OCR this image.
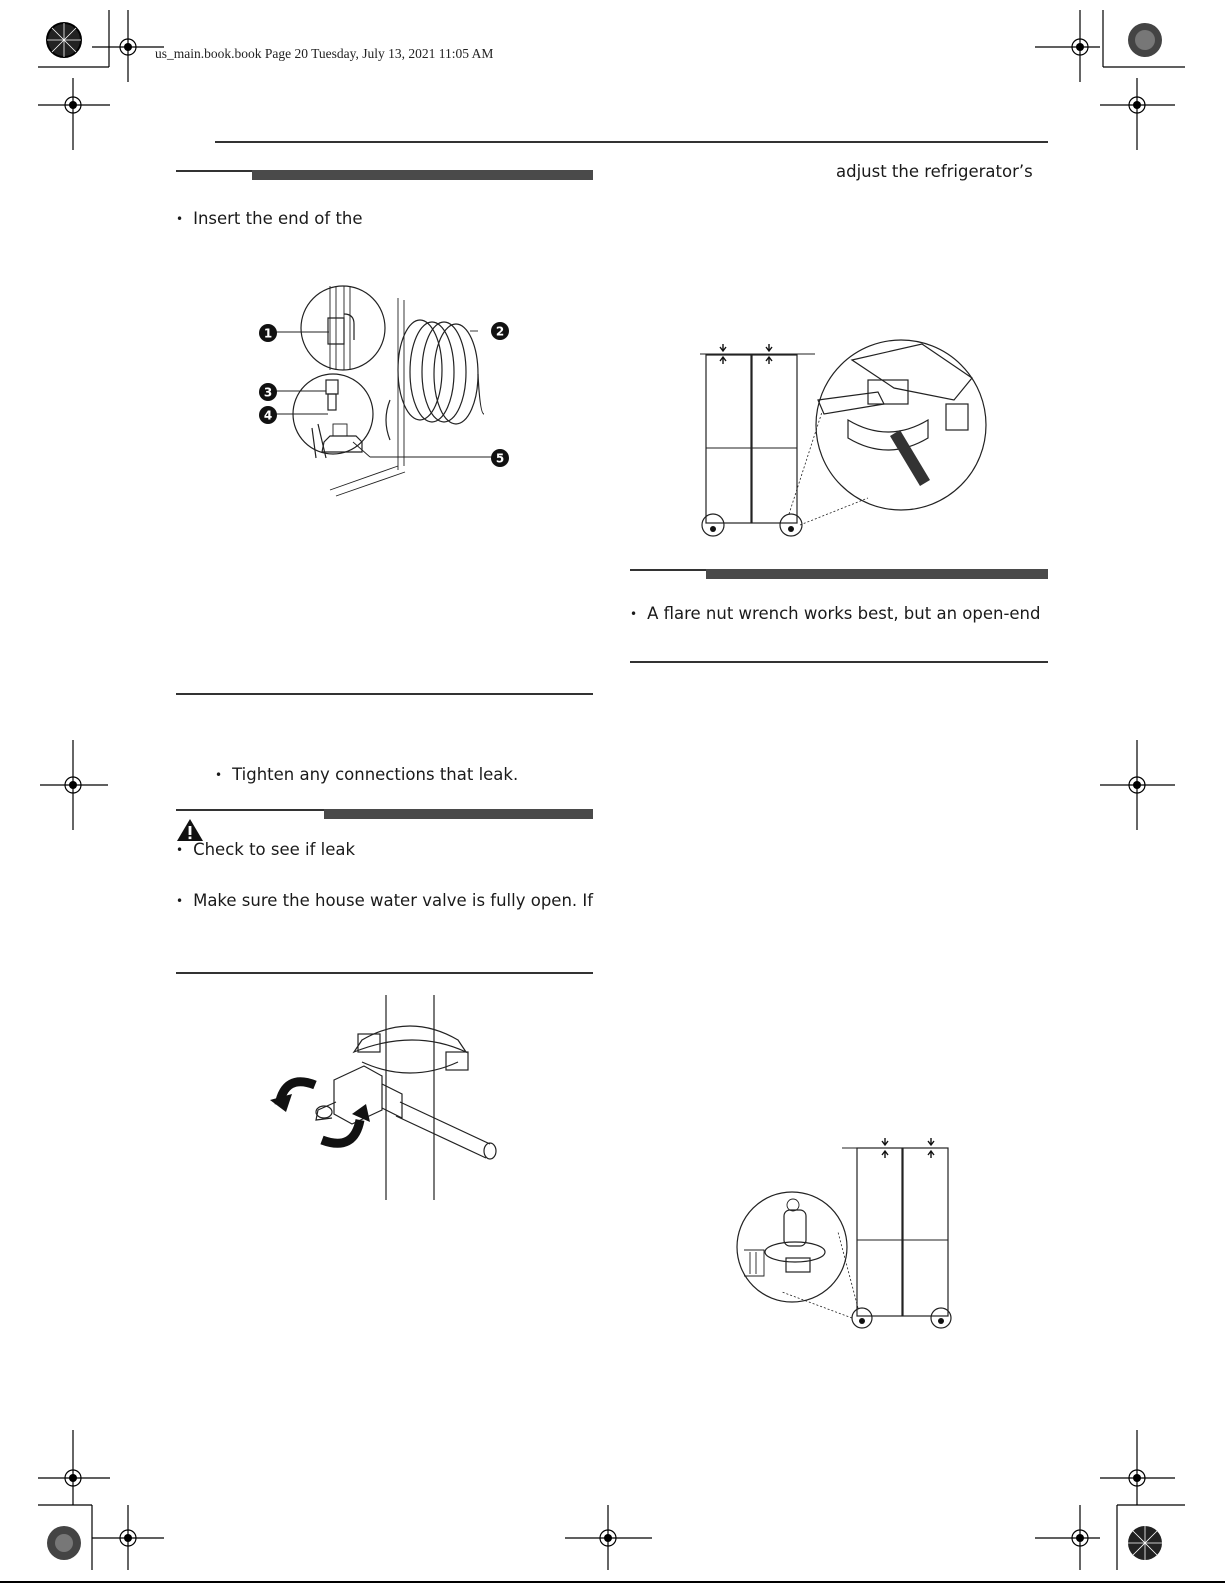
us_main.book.book Page 20 Tuesday, July 13, 2021 11:05 AM
• Insert the end of the
1	2
3
4
5
• Tighten any connections that leak.
• Check to see if leak
• Make sure the house water valve is fully open. If
adjust the refrigerator’s
• A flare nut wrench works best, but an open-end
